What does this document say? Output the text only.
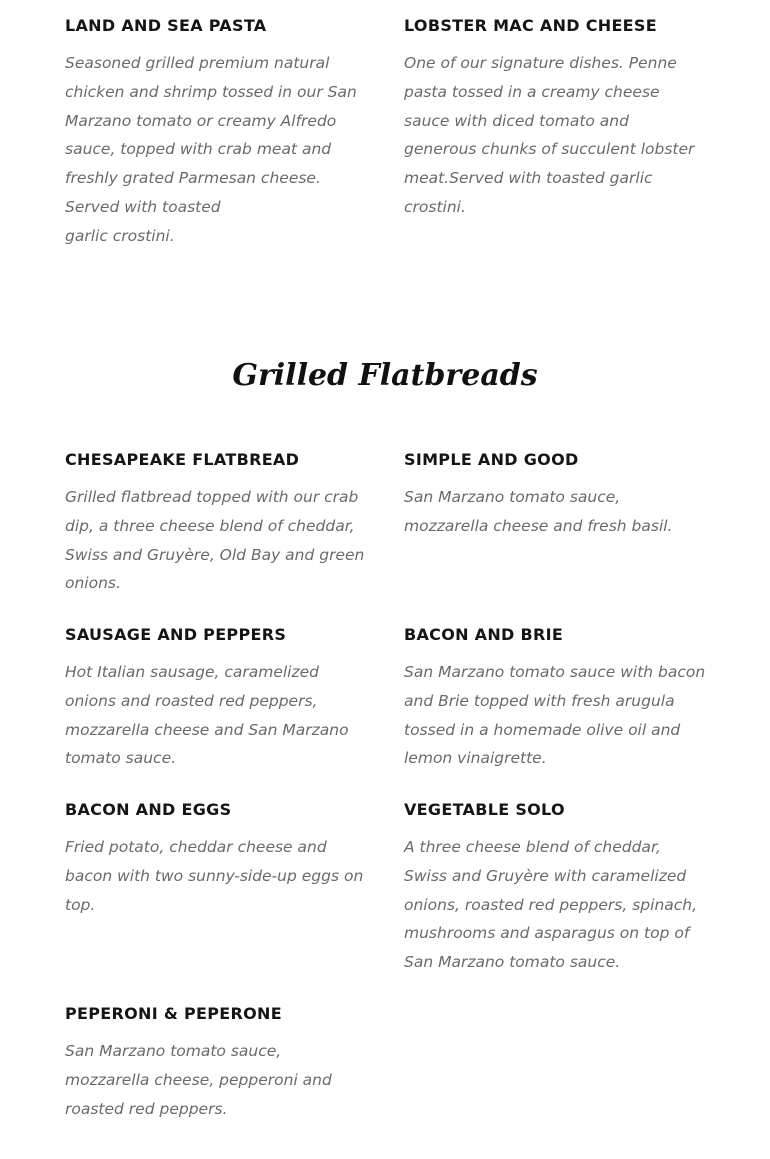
LAND AND SEA PASTA

Seasoned grilled premium natural chicken and shrimp tossed in our San Marzano tomato or creamy Alfredo sauce, topped with crab meat and freshly grated Parmesan cheese. Served with toasted
garlic crostini.

LOBSTER MAC AND CHEESE

One of our signature dishes. Penne pasta tossed in a creamy cheese sauce with diced tomato and generous chunks of succulent lobster meat.Served with toasted garlic crostini.

Grilled Flatbreads
CHESAPEAKE FLATBREAD

Grilled flatbread topped with our crab dip, a three cheese blend of cheddar, Swiss and Gruyère, Old Bay and green onions.

SIMPLE AND GOOD

San Marzano tomato sauce, mozzarella cheese and fresh basil.

SAUSAGE AND PEPPERS

Hot Italian sausage, caramelized onions and roasted red peppers, mozzarella cheese and San Marzano tomato sauce.

BACON AND BRIE

San Marzano tomato sauce with bacon and Brie topped with fresh arugula tossed in a homemade olive oil and lemon vinaigrette.

BACON AND EGGS

Fried potato, cheddar cheese and bacon with two sunny-side-up eggs on top.

VEGETABLE SOLO

A three cheese blend of cheddar, Swiss and Gruyère with caramelized onions, roasted red peppers, spinach, mushrooms and asparagus on top of San Marzano tomato sauce.

PEPERONI & PEPERONE

San Marzano tomato sauce, mozzarella cheese, pepperoni and roasted red peppers.
